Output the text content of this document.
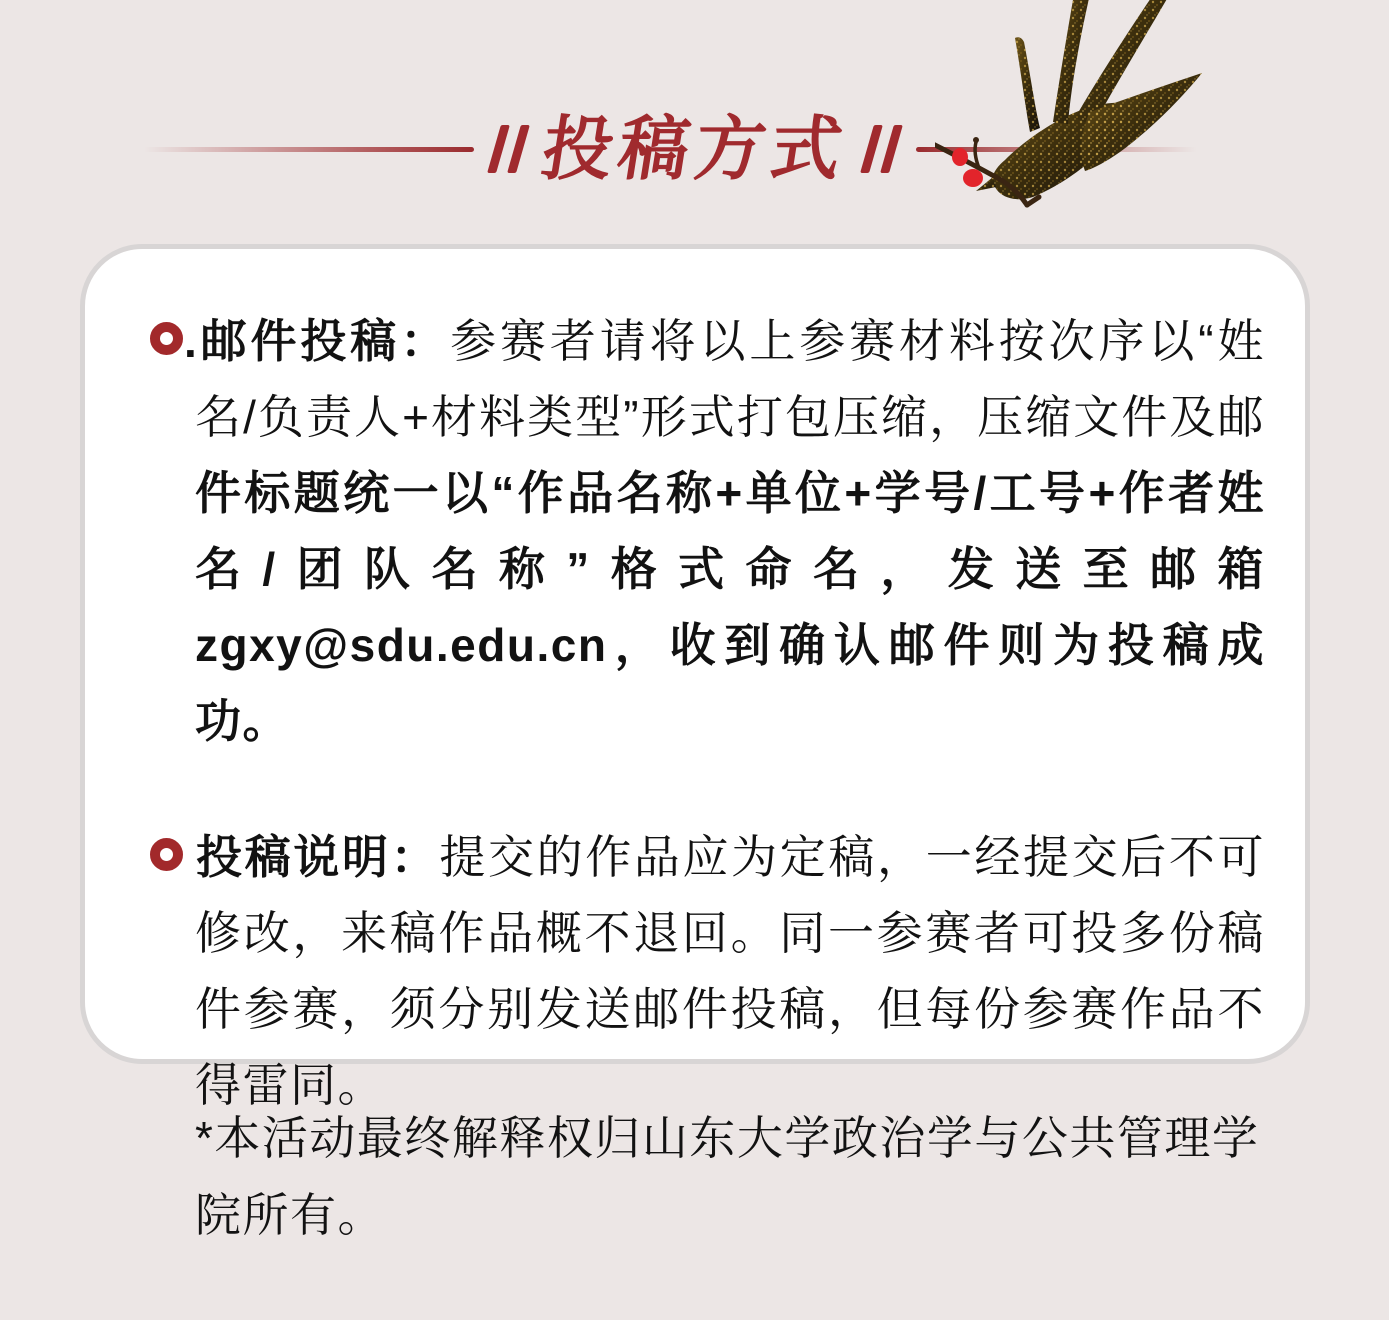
投稿方式

.邮件投稿：参赛者请将以上参赛材料按次序以“姓名/负责人+材料类型”形式打包压缩，压缩文件及邮件标题统一以“作品名称+单位+学号/工号+作者姓名/团队名称”格式命名，发送至邮箱zgxy@sdu.edu.cn，收到确认邮件则为投稿成功。

投稿说明：提交的作品应为定稿，一经提交后不可修改，来稿作品概不退回。同一参赛者可投多份稿件参赛，须分别发送邮件投稿，但每份参赛作品不得雷同。

*本活动最终解释权归山东大学政治学与公共管理学院所有。
